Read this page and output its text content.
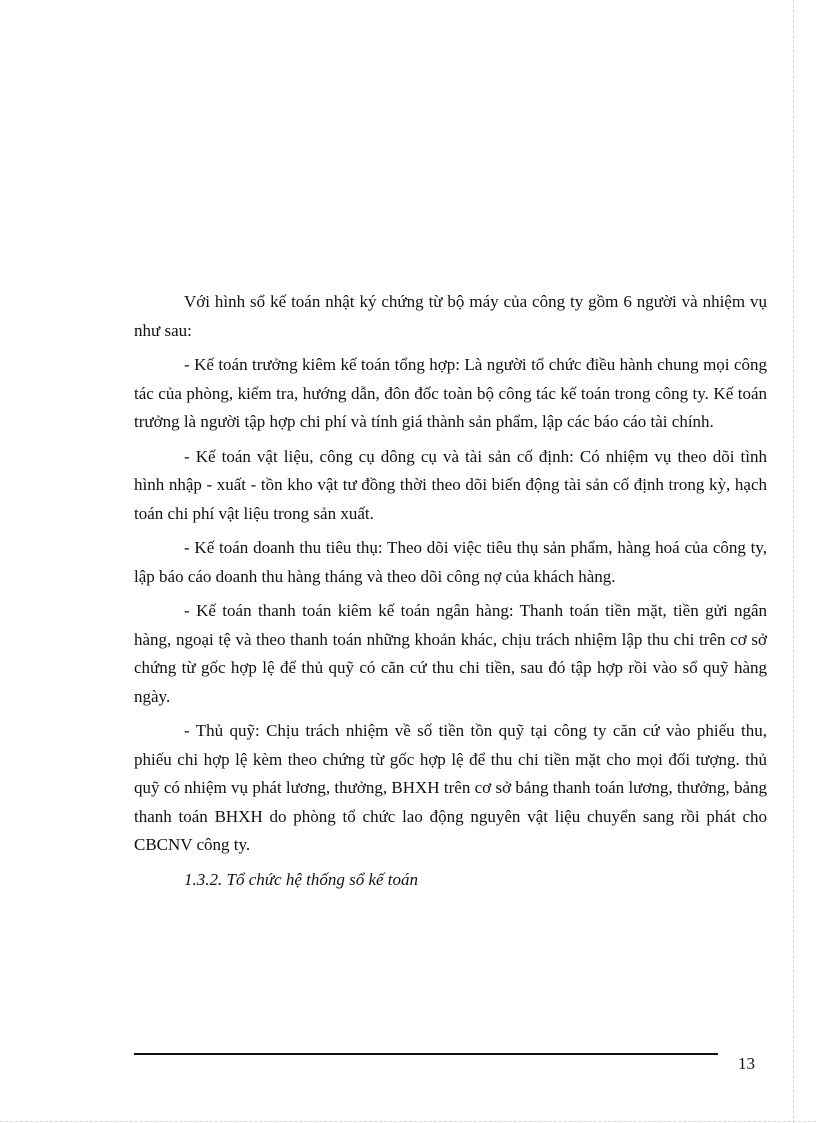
Với hình sổ kế toán nhật ký chứng từ bộ máy của công ty gồm 6 người và nhiệm vụ như sau:

- Kế toán trưởng kiêm kế toán tổng hợp: Là người tổ chức điều hành chung mọi công tác của phòng, kiểm tra, hướng dẫn, đôn đốc toàn bộ công tác kế toán trong công ty. Kế toán trưởng là người tập hợp chi phí và tính giá thành sản phẩm, lập các báo cáo tài chính.

- Kế toán vật liệu, công cụ dông cụ và tài sản cố định: Có nhiệm vụ theo dõi tình hình nhập - xuất - tồn kho vật tư đồng thời theo dõi biến động tài sản cố định trong kỳ, hạch toán chi phí vật liệu trong sản xuất.

- Kế toán doanh thu tiêu thụ: Theo dõi việc tiêu thụ sản phẩm, hàng hoá của công ty, lập báo cáo doanh thu hàng tháng và theo dõi công nợ của khách hàng.

- Kế toán thanh toán kiêm kế toán ngân hàng: Thanh toán tiền mặt, tiền gửi ngân hàng, ngoại tệ và theo thanh toán những khoản khác, chịu trách nhiệm lập thu chi trên cơ sở chứng từ gốc hợp lệ để thủ quỹ có căn cứ thu chi tiền, sau đó tập hợp rồi vào sổ quỹ hàng ngày.

- Thủ quỹ: Chịu trách nhiệm về số tiền tồn quỹ tại công ty căn cứ vào phiếu thu, phiếu chi hợp lệ kèm theo chứng từ gốc hợp lệ để thu chi tiền mặt cho mọi đối tượng. thủ quỹ có nhiệm vụ phát lương, thưởng, BHXH trên cơ sở bảng thanh toán lương, thưởng, bảng thanh toán BHXH do phòng tổ chức lao động nguyên vật liệu chuyển sang rồi phát cho CBCNV công ty.

1.3.2. Tổ chức hệ thống sổ kế toán

13
